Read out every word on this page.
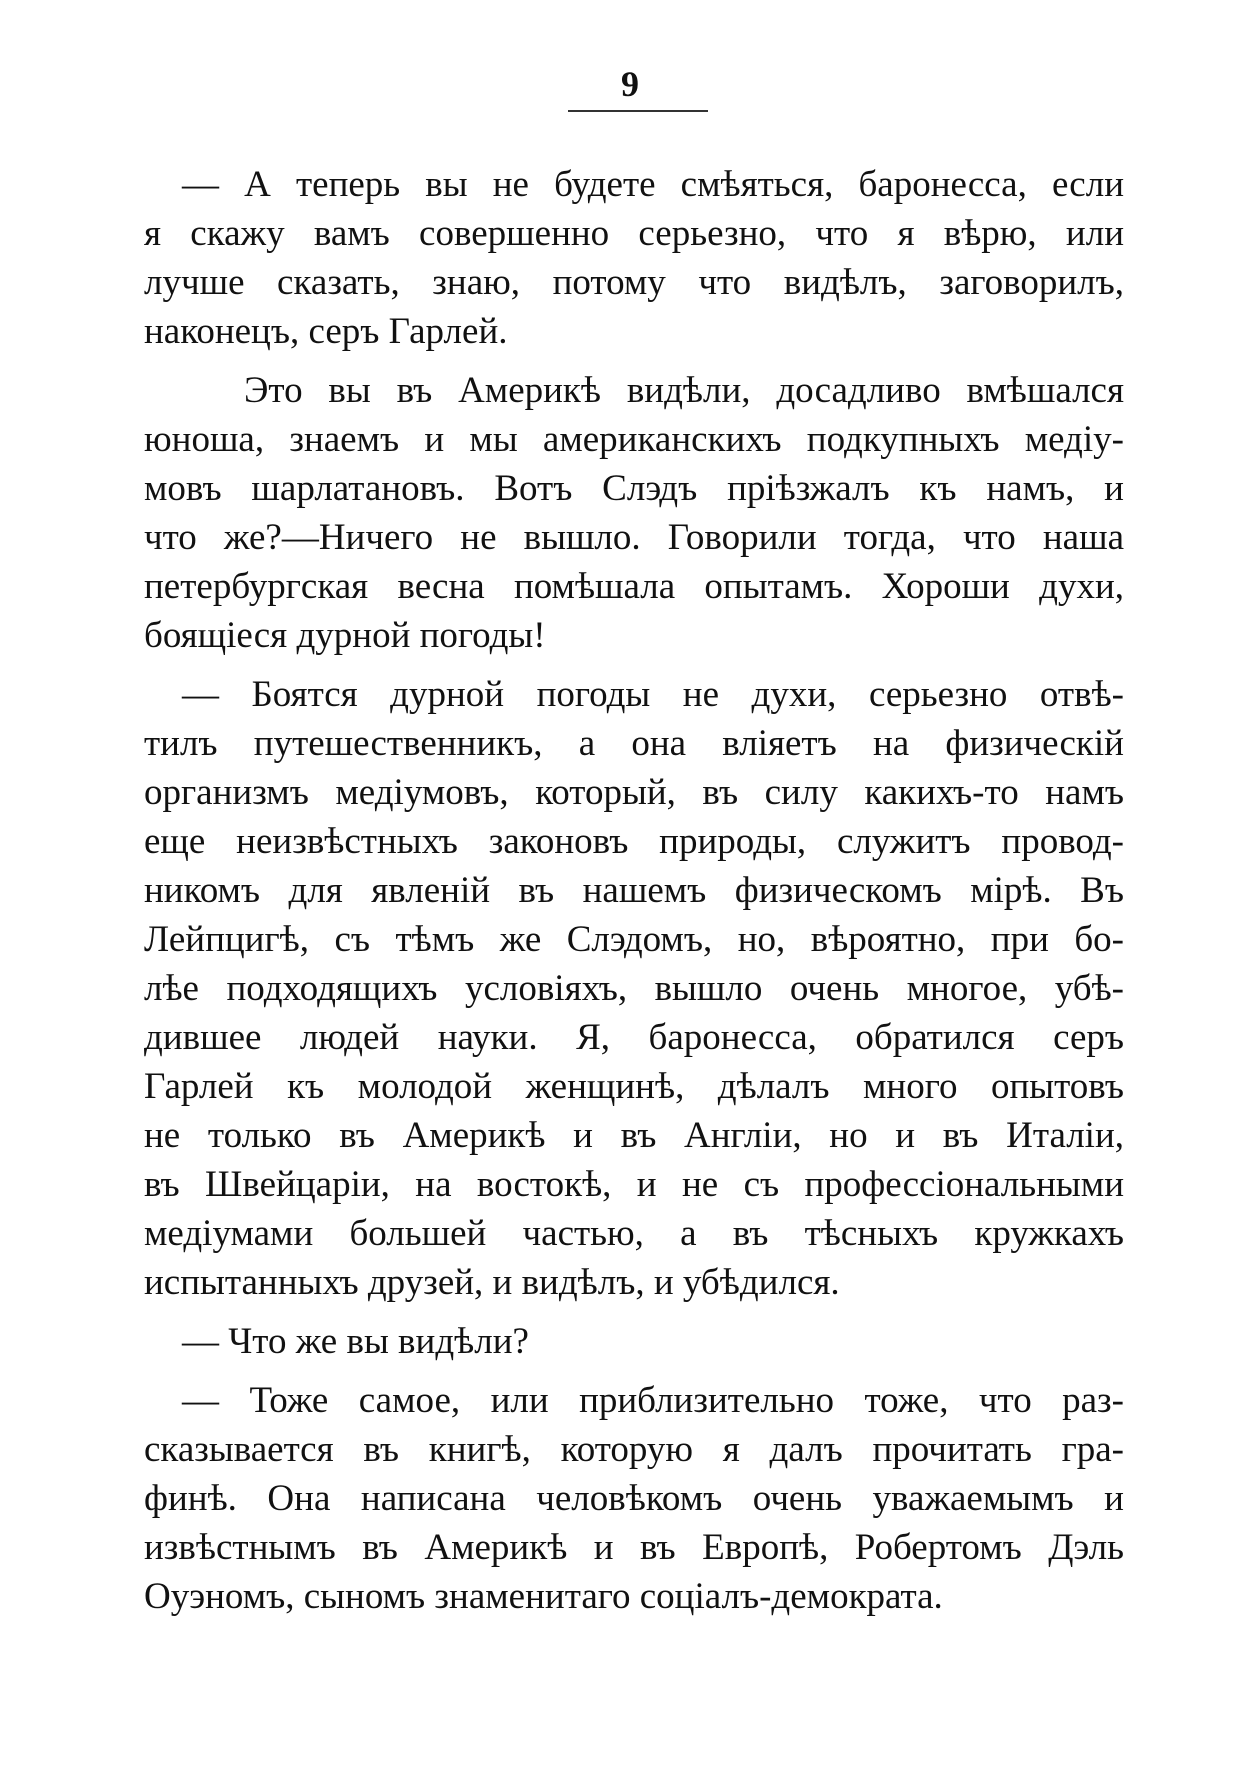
9
— А теперь вы не будете смѣяться, баронесса, если
я скажу вамъ совершенно серьезно, что я вѣрю, или
лучше сказать, знаю, потому что видѣлъ, заговорилъ,
наконецъ, серъ Гарлей.
Это вы въ Америкѣ видѣли, досадливо вмѣшался
юноша, знаемъ и мы американскихъ подкупныхъ медіу-
мовъ шарлатановъ. Вотъ Слэдъ пріѣзжалъ къ намъ, и
что же?—Ничего не вышло. Говорили тогда, что наша
петербургская весна помѣшала опытамъ. Хороши духи,
боящіеся дурной погоды!
— Боятся дурной погоды не духи, серьезно отвѣ-
тилъ путешественникъ, а она вліяетъ на физическій
организмъ медіумовъ, который, въ силу какихъ-то намъ
еще неизвѣстныхъ законовъ природы, служитъ провод-
никомъ для явленій въ нашемъ физическомъ мірѣ. Въ
Лейпцигѣ, съ тѣмъ же Слэдомъ, но, вѣроятно, при бо-
лѣе подходящихъ условіяхъ, вышло очень многое, убѣ-
дившее людей науки. Я, баронесса, обратился серъ
Гарлей къ молодой женщинѣ, дѣлалъ много опытовъ
не только въ Америкѣ и въ Англіи, но и въ Италіи,
въ Швейцаріи, на востокѣ, и не съ профессіональными
медіумами большей частью, а въ тѣсныхъ кружкахъ
испытанныхъ друзей, и видѣлъ, и убѣдился.
— Что же вы видѣли?
— Тоже самое, или приблизительно тоже, что раз-
сказывается въ книгѣ, которую я далъ прочитать гра-
финѣ. Она написана человѣкомъ очень уважаемымъ и
извѣстнымъ въ Америкѣ и въ Европѣ, Робертомъ Дэль
Оуэномъ, сыномъ знаменитаго соціалъ-демократа.
